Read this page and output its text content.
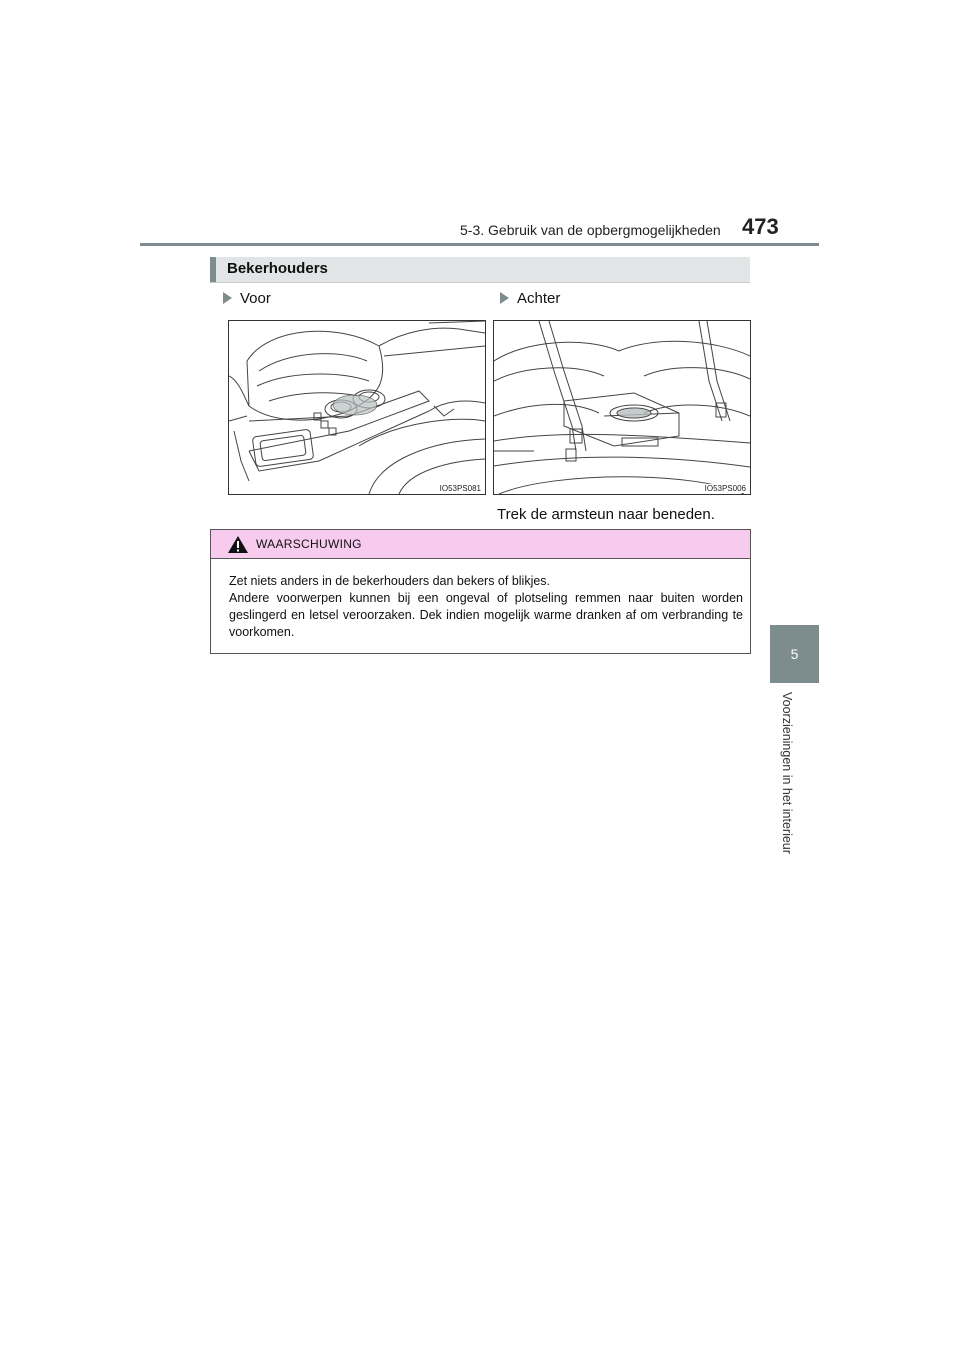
5-3. Gebruik van de opbergmogelijkheden 473
5
Voorzieningen in het interieur
Bekerhouders
Voor	Achter
IO53PS081	IO53PS006
Trek de armsteun naar beneden.
WAARSCHUWING

Zet niets anders in de bekerhouders dan bekers of blikjes.

Andere voorwerpen kunnen bij een ongeval of plotseling remmen naar buiten worden geslingerd en letsel veroorzaken. Dek indien mogelijk warme dranken af om verbranding te voorkomen.
